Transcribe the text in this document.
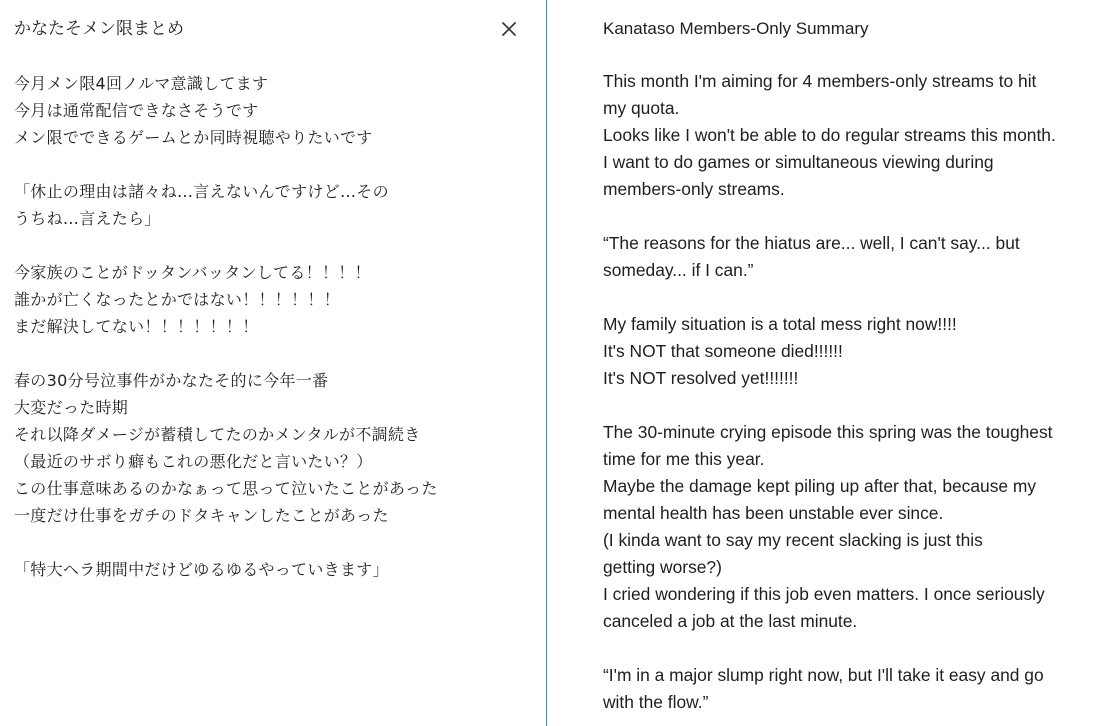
かなたそメン限まとめ
今月メン限4回ノルマ意識してます
今月は通常配信できなさそうです
メン限でできるゲームとか同時視聴やりたいです

「休止の理由は諸々ね…言えないんですけど…その
うちね…言えたら」

今家族のことがドッタンバッタンしてる！！！！
誰かが亡くなったとかではない！！！！！！
まだ解決してない！！！！！！！

春の30分号泣事件がかなたそ的に今年一番
大変だった時期
それ以降ダメージが蓄積してたのかメンタルが不調続き
（最近のサボり癖もこれの悪化だと言いたい？）
この仕事意味あるのかなぁって思って泣いたことがあった
一度だけ仕事をガチのドタキャンしたことがあった

「特大ヘラ期間中だけどゆるゆるやっていきます」
Kanataso Members-Only Summary
This month I'm aiming for 4 members-only streams to hit
my quota.
Looks like I won't be able to do regular streams this month.
I want to do games or simultaneous viewing during
members-only streams.

“The reasons for the hiatus are... well, I can't say... but
someday... if I can.”

My family situation is a total mess right now!!!!
It's NOT that someone died!!!!!!
It's NOT resolved yet!!!!!!!

The 30-minute crying episode this spring was the toughest
time for me this year.
Maybe the damage kept piling up after that, because my
mental health has been unstable ever since.
(I kinda want to say my recent slacking is just this
getting worse?)
I cried wondering if this job even matters. I once seriously
canceled a job at the last minute.

“I'm in a major slump right now, but I'll take it easy and go
with the flow.”
